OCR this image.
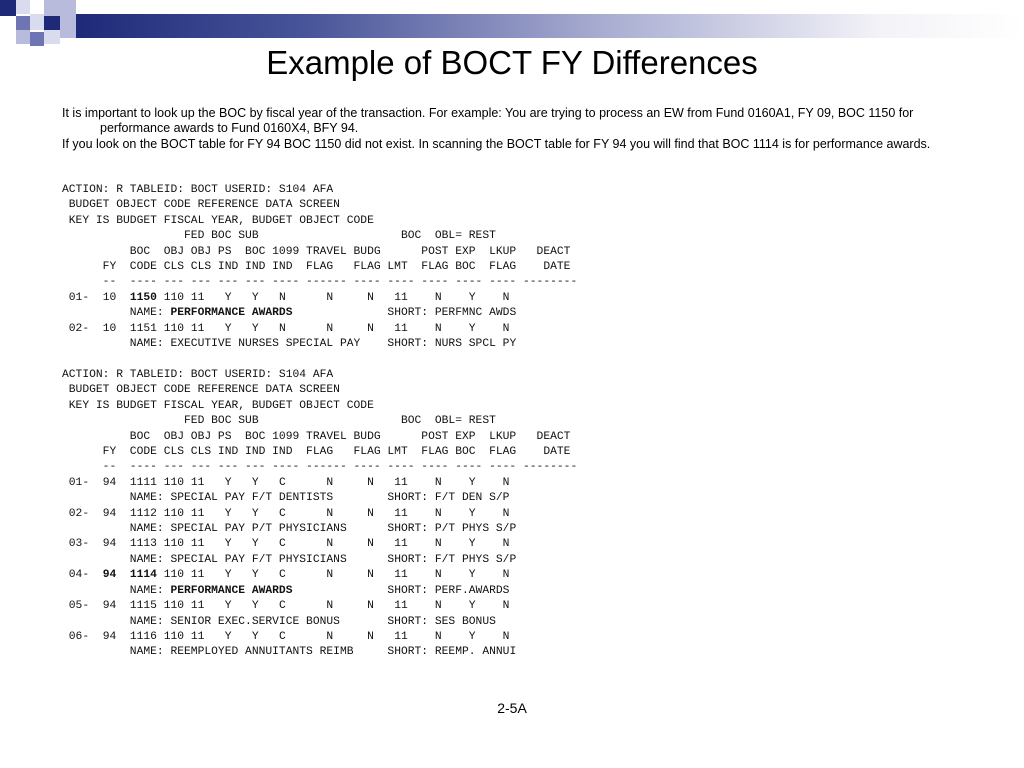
Example of BOCT FY Differences
It is important to look up the BOC by fiscal year of the transaction. For example: You are trying to process an EW from Fund 0160A1, FY 09, BOC 1150 for performance awards to Fund 0160X4, BFY 94.
If you look on the BOCT table for FY 94 BOC 1150 did not exist. In scanning the BOCT table for FY 94 you will find that BOC 1114 is for performance awards.
ACTION: R TABLEID: BOCT USERID: S104 AFA
BUDGET OBJECT CODE REFERENCE DATA SCREEN
KEY IS BUDGET FISCAL YEAR, BUDGET OBJECT CODE
FED BOC SUB                     BOC  OBL= REST
BOC  OBJ OBJ PS  BOC 1099 TRAVEL BUDG      POST EXP  LKUP   DEACT
FY  CODE CLS CLS IND IND IND  FLAG   FLAG LMT  FLAG BOC  FLAG    DATE
--  ---- --- --- --- --- ---- ------ ---- ---- ---- ---- ---- --------
01-  10 1150 110 11   Y   Y   N      N     N   11    N    Y    N
NAME: PERFORMANCE AWARDS              SHORT: PERFMNC AWDS
02-  10 1151 110 11   Y   Y   N      N     N   11    N    Y    N
NAME: EXECUTIVE NURSES SPECIAL PAY    SHORT: NURS SPCL PY

ACTION: R TABLEID: BOCT USERID: S104 AFA
BUDGET OBJECT CODE REFERENCE DATA SCREEN
KEY IS BUDGET FISCAL YEAR, BUDGET OBJECT CODE
FED BOC SUB                     BOC  OBL= REST
BOC  OBJ OBJ PS  BOC 1099 TRAVEL BUDG      POST EXP  LKUP   DEACT
FY  CODE CLS CLS IND IND IND  FLAG   FLAG LMT  FLAG BOC  FLAG    DATE
--  ---- --- --- --- --- ---- ------ ---- ---- ---- ---- ---- --------
01-  94 1111 110 11   Y   Y   C      N     N   11    N    Y    N
NAME: SPECIAL PAY F/T DENTISTS        SHORT: F/T DEN S/P
02-  94 1112 110 11   Y   Y   C      N     N   11    N    Y    N
NAME: SPECIAL PAY P/T PHYSICIANS      SHORT: P/T PHYS S/P
03-  94 1113 110 11   Y   Y   C      N     N   11    N    Y    N
NAME: SPECIAL PAY F/T PHYSICIANS      SHORT: F/T PHYS S/P
04-  94 1114 110 11   Y   Y   C      N     N   11    N    Y    N
NAME: PERFORMANCE AWARDS              SHORT: PERF.AWARDS
05-  94 1115 110 11   Y   Y   C      N     N   11    N    Y    N
NAME: SENIOR EXEC.SERVICE BONUS       SHORT: SES BONUS
06-  94 1116 110 11   Y   Y   C      N     N   11    N    Y    N
NAME: REEMPLOYED ANNUITANTS REIMB     SHORT: REEMP. ANNUI

2-5A
